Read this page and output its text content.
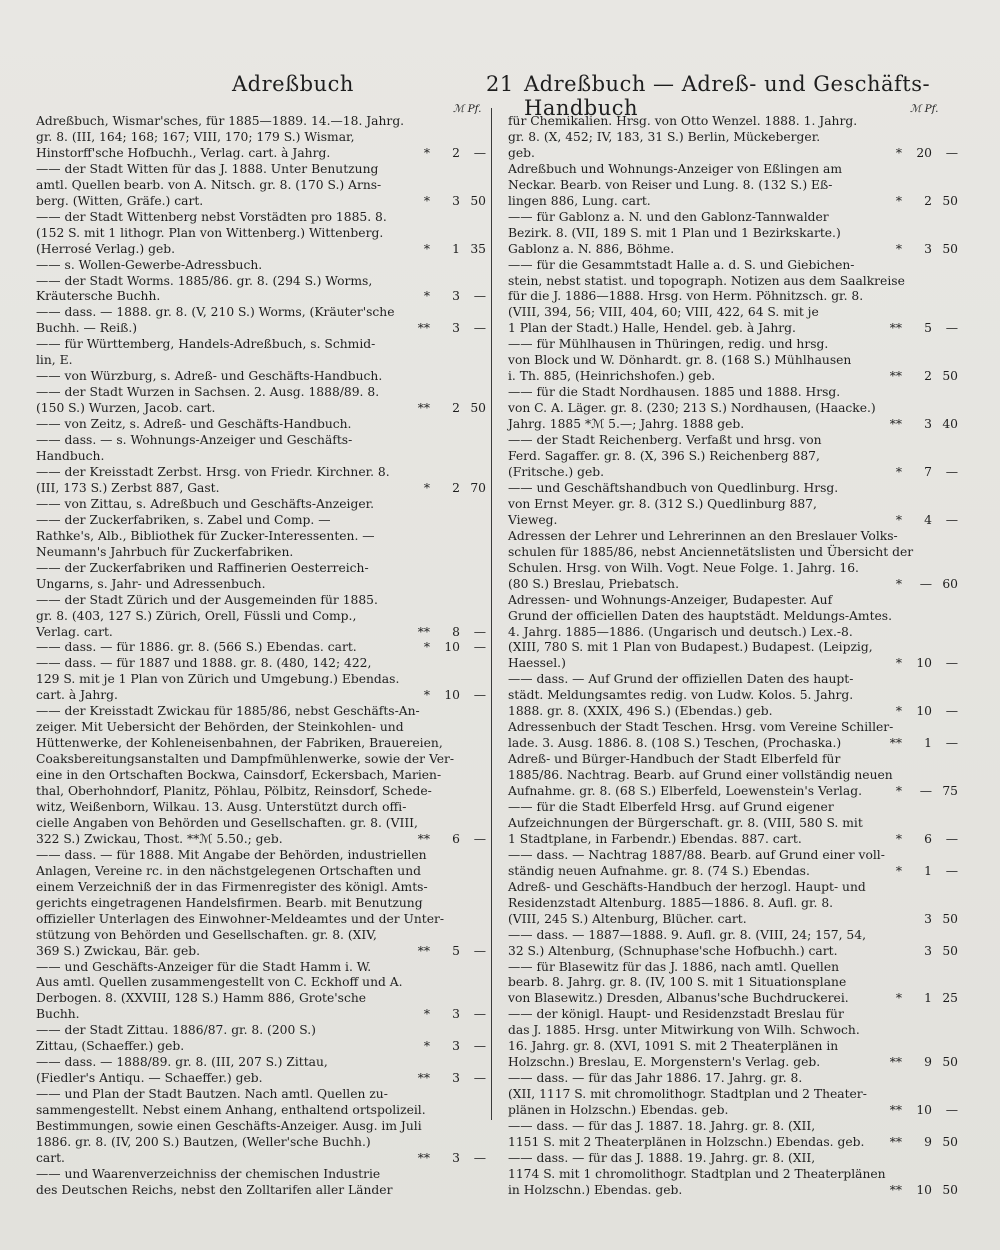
Adreßbuch	21 Adreßbuch — Adreß- und Geschäfts-Handbuch
ℳ Pf.	ℳ Pf.
Adreßbuch, Wismar'sches, für 1885—1889. 14.—18. Jahrg.
gr. 8. (III, 164; 168; 167; VIII, 170; 179 S.) Wismar,
Hinstorff'sche Hofbuchh., Verlag. cart. à Jahrg.	*	2	—
—— der Stadt Witten für das J. 1888. Unter Benutzung
amtl. Quellen bearb. von A. Nitsch. gr. 8. (170 S.) Arns-
berg. (Witten, Gräfe.) cart.	*	3 50
—— der Stadt Wittenberg nebst Vorstädten pro 1885. 8.
(152 S. mit 1 lithogr. Plan von Wittenberg.) Wittenberg.
(Herrosé Verlag.) geb.	*	1 35
—— s. Wollen-Gewerbe-Adressbuch.
—— der Stadt Worms. 1885/86. gr. 8. (294 S.) Worms,
Kräutersche Buchh.	*	3	—
—— dass. — 1888. gr. 8. (V, 210 S.) Worms, (Kräuter'sche
Buchh. — Reiß.)	**	3	—
—— für Württemberg, Handels-Adreßbuch, s. Schmid-
lin, E.
—— von Würzburg, s. Adreß- und Geschäfts-Handbuch.
—— der Stadt Wurzen in Sachsen. 2. Ausg. 1888/89. 8.
(150 S.) Wurzen, Jacob. cart.	**	2 50
—— von Zeitz, s. Adreß- und Geschäfts-Handbuch.
—— dass. — s. Wohnungs-Anzeiger und Geschäfts-
Handbuch.
—— der Kreisstadt Zerbst. Hrsg. von Friedr. Kirchner. 8.
(III, 173 S.) Zerbst 887, Gast.	*	2 70
—— von Zittau, s. Adreßbuch und Geschäfts-Anzeiger.
—— der Zuckerfabriken, s. Zabel und Comp. —
Rathke's, Alb., Bibliothek für Zucker-Interessenten. —
Neumann's Jahrbuch für Zuckerfabriken.
—— der Zuckerfabriken und Raffinerien Oesterreich-
Ungarns, s. Jahr- und Adressenbuch.
—— der Stadt Zürich und der Ausgemeinden für 1885.
gr. 8. (403, 127 S.) Zürich, Orell, Füssli und Comp.,
Verlag. cart.	**	8	—
—— dass. — für 1886. gr. 8. (566 S.) Ebendas. cart.	*	10	—
—— dass. — für 1887 und 1888. gr. 8. (480, 142; 422,
129 S. mit je 1 Plan von Zürich und Umgebung.) Ebendas.
cart. à Jahrg.	*	10	—
—— der Kreisstadt Zwickau für 1885/86, nebst Geschäfts-An-
zeiger. Mit Uebersicht der Behörden, der Steinkohlen- und
Hüttenwerke, der Kohleneisenbahnen, der Fabriken, Brauereien,
Coaksbereitungsanstalten und Dampfmühlenwerke, sowie der Ver-
eine in den Ortschaften Bockwa, Cainsdorf, Eckersbach, Marien-
thal, Oberhohndorf, Planitz, Pöhlau, Pölbitz, Reinsdorf, Schede-
witz, Weißenborn, Wilkau. 13. Ausg. Unterstützt durch offi-
cielle Angaben von Behörden und Gesellschaften. gr. 8. (VIII,
322 S.) Zwickau, Thost. **ℳ 5.50.; geb.	**	6	—
—— dass. — für 1888. Mit Angabe der Behörden, industriellen
Anlagen, Vereine rc. in den nächstgelegenen Ortschaften und
einem Verzeichniß der in das Firmenregister des königl. Amts-
gerichts eingetragenen Handelsfirmen. Bearb. mit Benutzung
offizieller Unterlagen des Einwohner-Meldeamtes und der Unter-
stützung von Behörden und Gesellschaften. gr. 8. (XIV,
369 S.) Zwickau, Bär. geb.	**	5	—
—— und Geschäfts-Anzeiger für die Stadt Hamm i. W.
Aus amtl. Quellen zusammengestellt von C. Eckhoff und A.
Derbogen. 8. (XXVIII, 128 S.) Hamm 886, Grote'sche
Buchh.	*	3	—
—— der Stadt Zittau. 1886/87. gr. 8. (200 S.)
Zittau, (Schaeffer.) geb.	*	3	—
—— dass. — 1888/89. gr. 8. (III, 207 S.) Zittau,
(Fiedler's Antiqu. — Schaeffer.) geb.	**	3	—
—— und Plan der Stadt Bautzen. Nach amtl. Quellen zu-
sammengestellt. Nebst einem Anhang, enthaltend ortspolizeil.
Bestimmungen, sowie einen Geschäfts-Anzeiger. Ausg. im Juli
1886. gr. 8. (IV, 200 S.) Bautzen, (Weller'sche Buchh.)
cart.	**	3	—
—— und Waarenverzeichniss der chemischen Industrie
des Deutschen Reichs, nebst den Zolltarifen aller Länder
für Chemikalien. Hrsg. von Otto Wenzel. 1888. 1. Jahrg.
gr. 8. (X, 452; IV, 183, 31 S.) Berlin, Mückeberger.
geb.	*	20	—
Adreßbuch und Wohnungs-Anzeiger von Eßlingen am
Neckar. Bearb. von Reiser und Lung. 8. (132 S.) Eß-
lingen 886, Lung. cart.	*	2 50
—— für Gablonz a. N. und den Gablonz-Tannwalder
Bezirk. 8. (VII, 189 S. mit 1 Plan und 1 Bezirkskarte.)
Gablonz a. N. 886, Böhme.	*	3 50
—— für die Gesammtstadt Halle a. d. S. und Giebichen-
stein, nebst statist. und topograph. Notizen aus dem Saalkreise
für die J. 1886—1888. Hrsg. von Herm. Pöhnitzsch. gr. 8.
(VIII, 394, 56; VIII, 404, 60; VIII, 422, 64 S. mit je
1 Plan der Stadt.) Halle, Hendel. geb. à Jahrg.	**	5	—
—— für Mühlhausen in Thüringen, redig. und hrsg.
von Block und W. Dönhardt. gr. 8. (168 S.) Mühlhausen
i. Th. 885, (Heinrichshofen.) geb.	**	2 50
—— für die Stadt Nordhausen. 1885 und 1888. Hrsg.
von C. A. Läger. gr. 8. (230; 213 S.) Nordhausen, (Haacke.)
Jahrg. 1885 *ℳ 5.—; Jahrg. 1888 geb.	**	3 40
—— der Stadt Reichenberg. Verfaßt und hrsg. von
Ferd. Sagaffer. gr. 8. (X, 396 S.) Reichenberg 887,
(Fritsche.) geb.	*	7	—
—— und Geschäftshandbuch von Quedlinburg. Hrsg.
von Ernst Meyer. gr. 8. (312 S.) Quedlinburg 887,
Vieweg.	*	4	—
Adressen der Lehrer und Lehrerinnen an den Breslauer Volks-
schulen für 1885/86, nebst Anciennetätslisten und Übersicht der
Schulen. Hrsg. von Wilh. Vogt. Neue Folge. 1. Jahrg. 16.
(80 S.) Breslau, Priebatsch.	*	— 60
Adressen- und Wohnungs-Anzeiger, Budapester. Auf
Grund der officiellen Daten des hauptstädt. Meldungs-Amtes.
4. Jahrg. 1885—1886. (Ungarisch und deutsch.) Lex.-8.
(XIII, 780 S. mit 1 Plan von Budapest.) Budapest. (Leipzig,
Haessel.)	*	10	—
—— dass. — Auf Grund der offiziellen Daten des haupt-
städt. Meldungsamtes redig. von Ludw. Kolos. 5. Jahrg.
1888. gr. 8. (XXIX, 496 S.) (Ebendas.) geb.	*	10	—
Adressenbuch der Stadt Teschen. Hrsg. vom Vereine Schiller-
lade. 3. Ausg. 1886. 8. (108 S.) Teschen, (Prochaska.)	**	1	—
Adreß- und Bürger-Handbuch der Stadt Elberfeld für
1885/86. Nachtrag. Bearb. auf Grund einer vollständig neuen
Aufnahme. gr. 8. (68 S.) Elberfeld, Loewenstein's Verlag.	*	— 75
—— für die Stadt Elberfeld Hrsg. auf Grund eigener
Aufzeichnungen der Bürgerschaft. gr. 8. (VIII, 580 S. mit
1 Stadtplane, in Farbendr.) Ebendas. 887. cart.	*	6	—
—— dass. — Nachtrag 1887/88. Bearb. auf Grund einer voll-
ständig neuen Aufnahme. gr. 8. (74 S.) Ebendas.	*	1	—
Adreß- und Geschäfts-Handbuch der herzogl. Haupt- und
Residenzstadt Altenburg. 1885—1886. 8. Aufl. gr. 8.
(VIII, 245 S.) Altenburg, Blücher. cart.	3 50
—— dass. — 1887—1888. 9. Aufl. gr. 8. (VIII, 24; 157, 54,
32 S.) Altenburg, (Schnuphase'sche Hofbuchh.) cart.	3 50
—— für Blasewitz für das J. 1886, nach amtl. Quellen
bearb. 8. Jahrg. gr. 8. (IV, 100 S. mit 1 Situationsplane
von Blasewitz.) Dresden, Albanus'sche Buchdruckerei.	*	1 25
—— der königl. Haupt- und Residenzstadt Breslau für
das J. 1885. Hrsg. unter Mitwirkung von Wilh. Schwoch.
16. Jahrg. gr. 8. (XVI, 1091 S. mit 2 Theaterplänen in
Holzschn.) Breslau, E. Morgenstern's Verlag. geb.	**	9 50
—— dass. — für das Jahr 1886. 17. Jahrg. gr. 8.
(XII, 1117 S. mit chromolithogr. Stadtplan und 2 Theater-
plänen in Holzschn.) Ebendas. geb.	**	10	—
—— dass. — für das J. 1887. 18. Jahrg. gr. 8. (XII,
1151 S. mit 2 Theaterplänen in Holzschn.) Ebendas. geb.	**	9 50
—— dass. — für das J. 1888. 19. Jahrg. gr. 8. (XII,
1174 S. mit 1 chromolithogr. Stadtplan und 2 Theaterplänen
in Holzschn.) Ebendas. geb.	**	10 50
